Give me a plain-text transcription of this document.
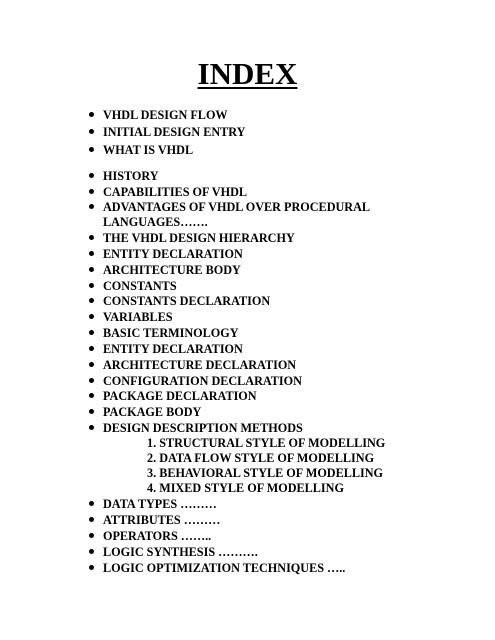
INDEX
VHDL DESIGN FLOW
INITIAL DESIGN ENTRY
WHAT IS VHDL
HISTORY
CAPABILITIES OF VHDL
ADVANTAGES OF VHDL OVER PROCEDURAL
LANGUAGES…….
THE VHDL DESIGN HIERARCHY
ENTITY DECLARATION
ARCHITECTURE BODY
CONSTANTS
CONSTANTS DECLARATION
VARIABLES
BASIC TERMINOLOGY
ENTITY DECLARATION
ARCHITECTURE DECLARATION
CONFIGURATION DECLARATION
PACKAGE DECLARATION
PACKAGE BODY
DESIGN DESCRIPTION METHODS
1. STRUCTURAL STYLE OF MODELLING
2. DATA FLOW STYLE OF MODELLING
3. BEHAVIORAL STYLE OF MODELLING
4. MIXED STYLE OF MODELLING
DATA TYPES ………
ATTRIBUTES ………
OPERATORS ……..
LOGIC SYNTHESIS ……….
LOGIC OPTIMIZATION TECHNIQUES …..
